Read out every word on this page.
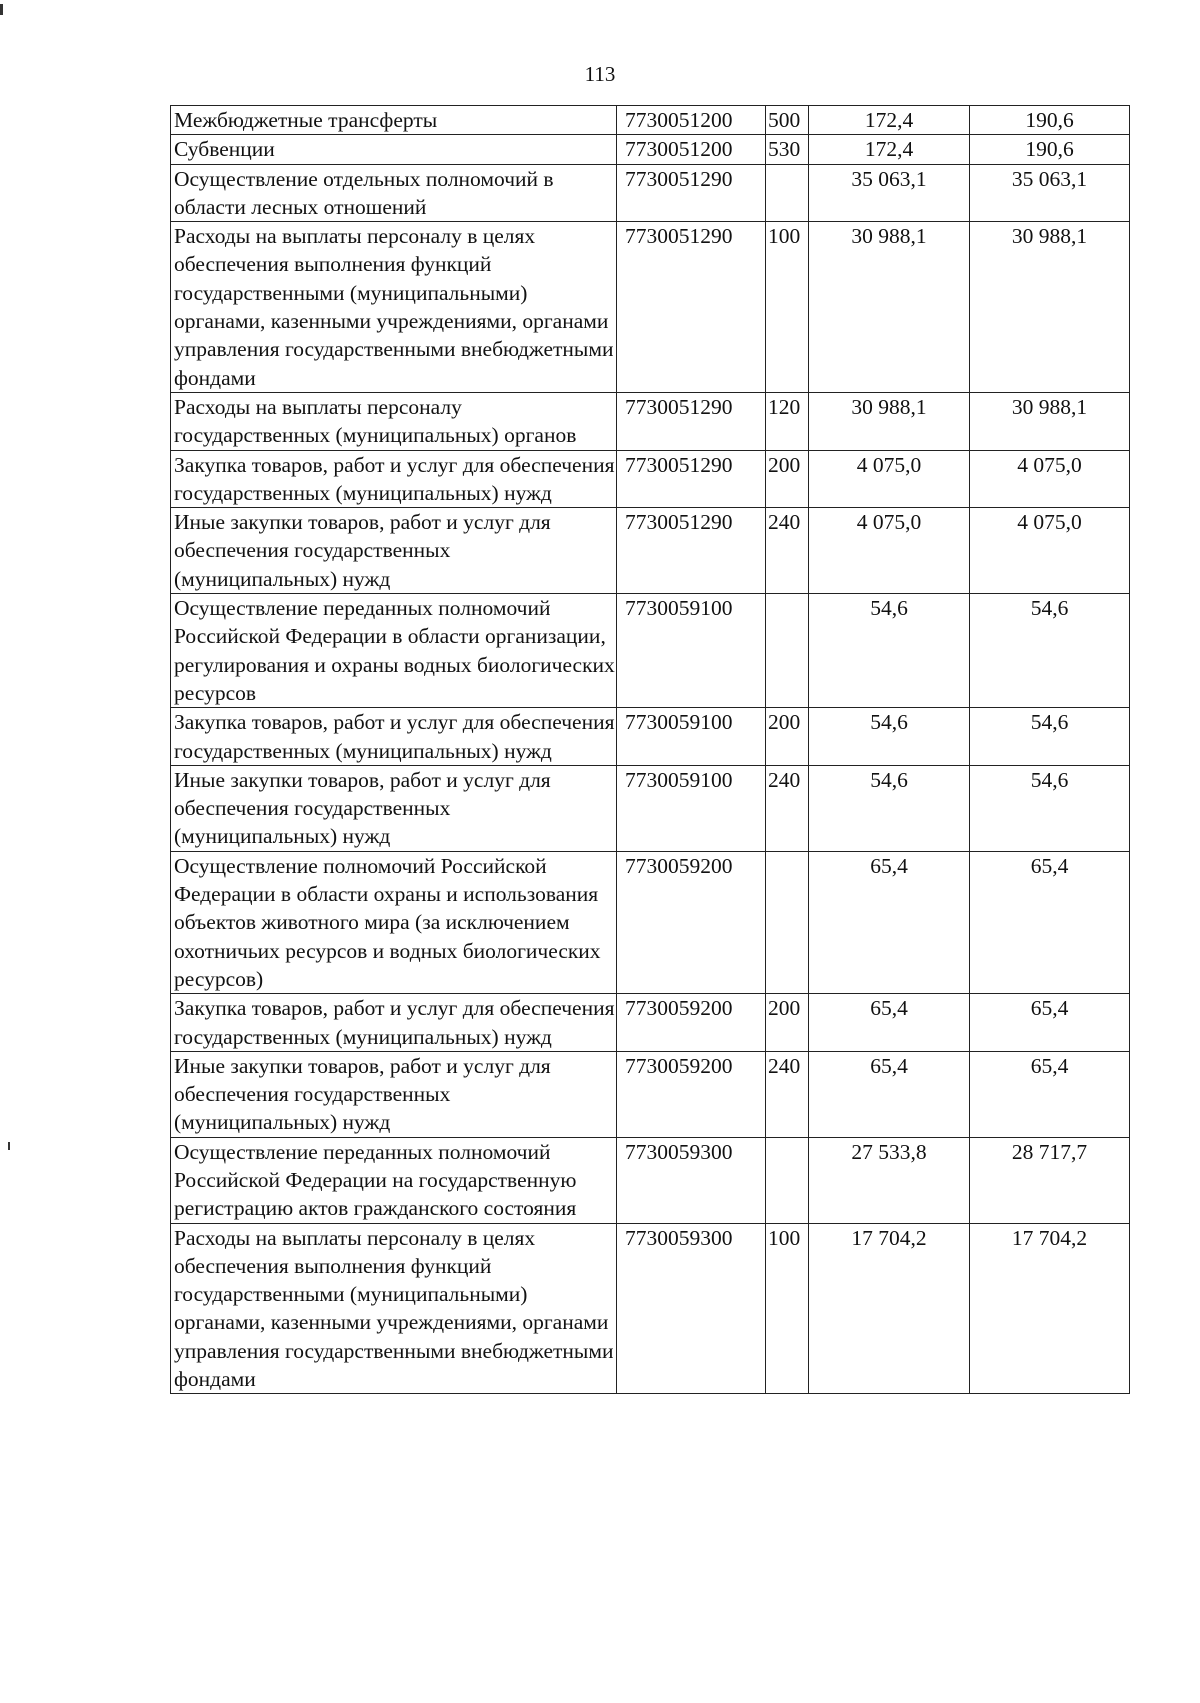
113
Межбюджетные трансферты	7730051200	500	172,4	190,6
Субвенции	7730051200	530	172,4	190,6
Осуществление отдельных полномочий в области лесных отношений	7730051290		35 063,1	35 063,1
Расходы на выплаты персоналу в целях обеспечения выполнения функций государственными (муниципальными) органами, казенными учреждениями, органами управления государственными внебюджетными фондами	7730051290	100	30 988,1	30 988,1
Расходы на выплаты персоналу государственных (муниципальных) органов	7730051290	120	30 988,1	30 988,1
Закупка товаров, работ и услуг для обеспечения государственных (муниципальных) нужд	7730051290	200	4 075,0	4 075,0
Иные закупки товаров, работ и услуг для обеспечения государственных (муниципальных) нужд	7730051290	240	4 075,0	4 075,0
Осуществление переданных полномочий Российской Федерации в области организации, регулирования и охраны водных биологических ресурсов	7730059100		54,6	54,6
Закупка товаров, работ и услуг для обеспечения государственных (муниципальных) нужд	7730059100	200	54,6	54,6
Иные закупки товаров, работ и услуг для обеспечения государственных (муниципальных) нужд	7730059100	240	54,6	54,6
Осуществление полномочий Российской Федерации в области охраны и использования объектов животного мира (за исключением охотничьих ресурсов и водных биологических ресурсов)	7730059200		65,4	65,4
Закупка товаров, работ и услуг для обеспечения государственных (муниципальных) нужд	7730059200	200	65,4	65,4
Иные закупки товаров, работ и услуг для обеспечения государственных (муниципальных) нужд	7730059200	240	65,4	65,4
Осуществление переданных полномочий Российской Федерации на государственную регистрацию актов гражданского состояния	7730059300		27 533,8	28 717,7
Расходы на выплаты персоналу в целях обеспечения выполнения функций государственными (муниципальными) органами, казенными учреждениями, органами управления государственными внебюджетными фондами	7730059300	100	17 704,2	17 704,2
